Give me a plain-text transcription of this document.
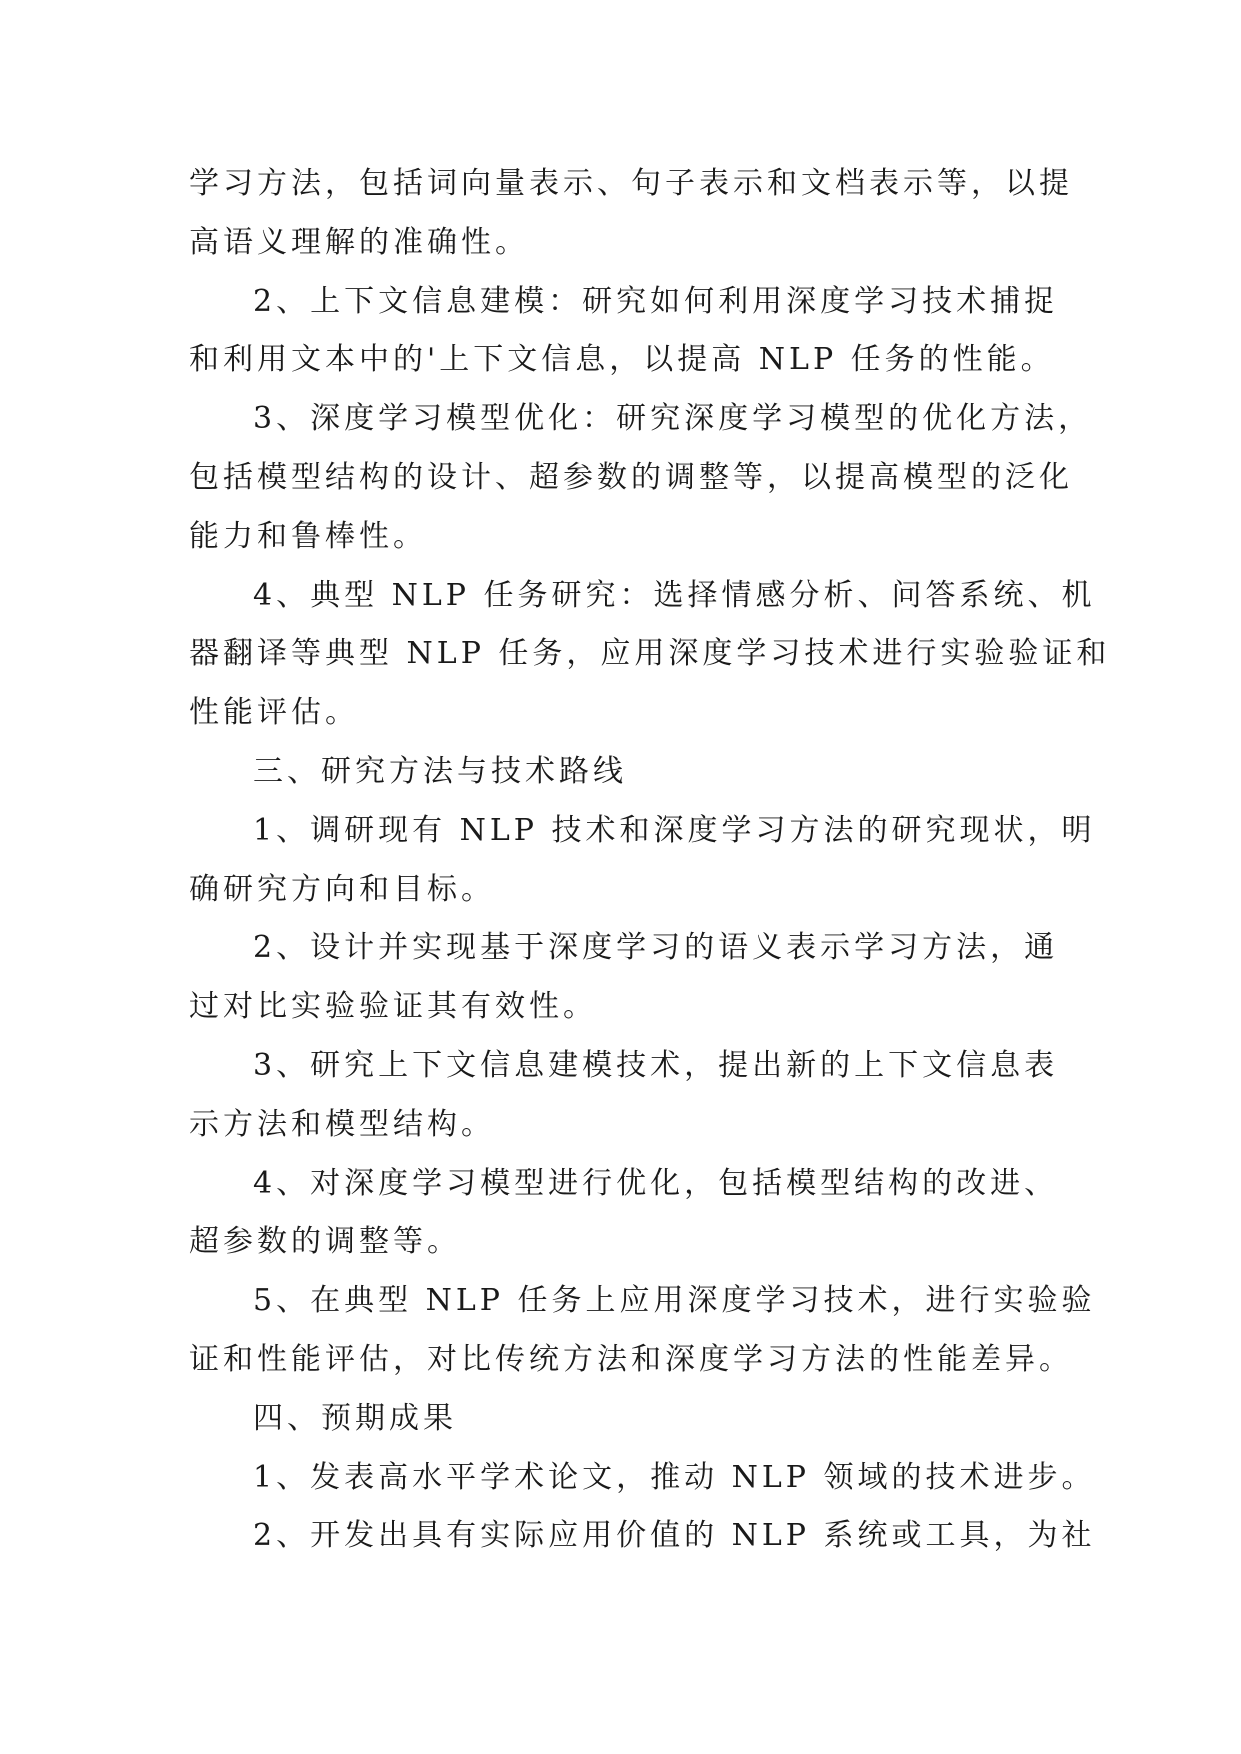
学习方法，包括词向量表示、句子表示和文档表示等，以提
高语义理解的准确性。
2、上下文信息建模：研究如何利用深度学习技术捕捉
和利用文本中的'上下文信息，以提高 NLP 任务的性能。
3、深度学习模型优化：研究深度学习模型的优化方法，
包括模型结构的设计、超参数的调整等，以提高模型的泛化
能力和鲁棒性。
4、典型 NLP 任务研究：选择情感分析、问答系统、机
器翻译等典型 NLP 任务，应用深度学习技术进行实验验证和
性能评估。
三、研究方法与技术路线
1、调研现有 NLP 技术和深度学习方法的研究现状，明
确研究方向和目标。
2、设计并实现基于深度学习的语义表示学习方法，通
过对比实验验证其有效性。
3、研究上下文信息建模技术，提出新的上下文信息表
示方法和模型结构。
4、对深度学习模型进行优化，包括模型结构的改进、
超参数的调整等。
5、在典型 NLP 任务上应用深度学习技术，进行实验验
证和性能评估，对比传统方法和深度学习方法的性能差异。
四、预期成果
1、发表高水平学术论文，推动 NLP 领域的技术进步。
2、开发出具有实际应用价值的 NLP 系统或工具，为社
